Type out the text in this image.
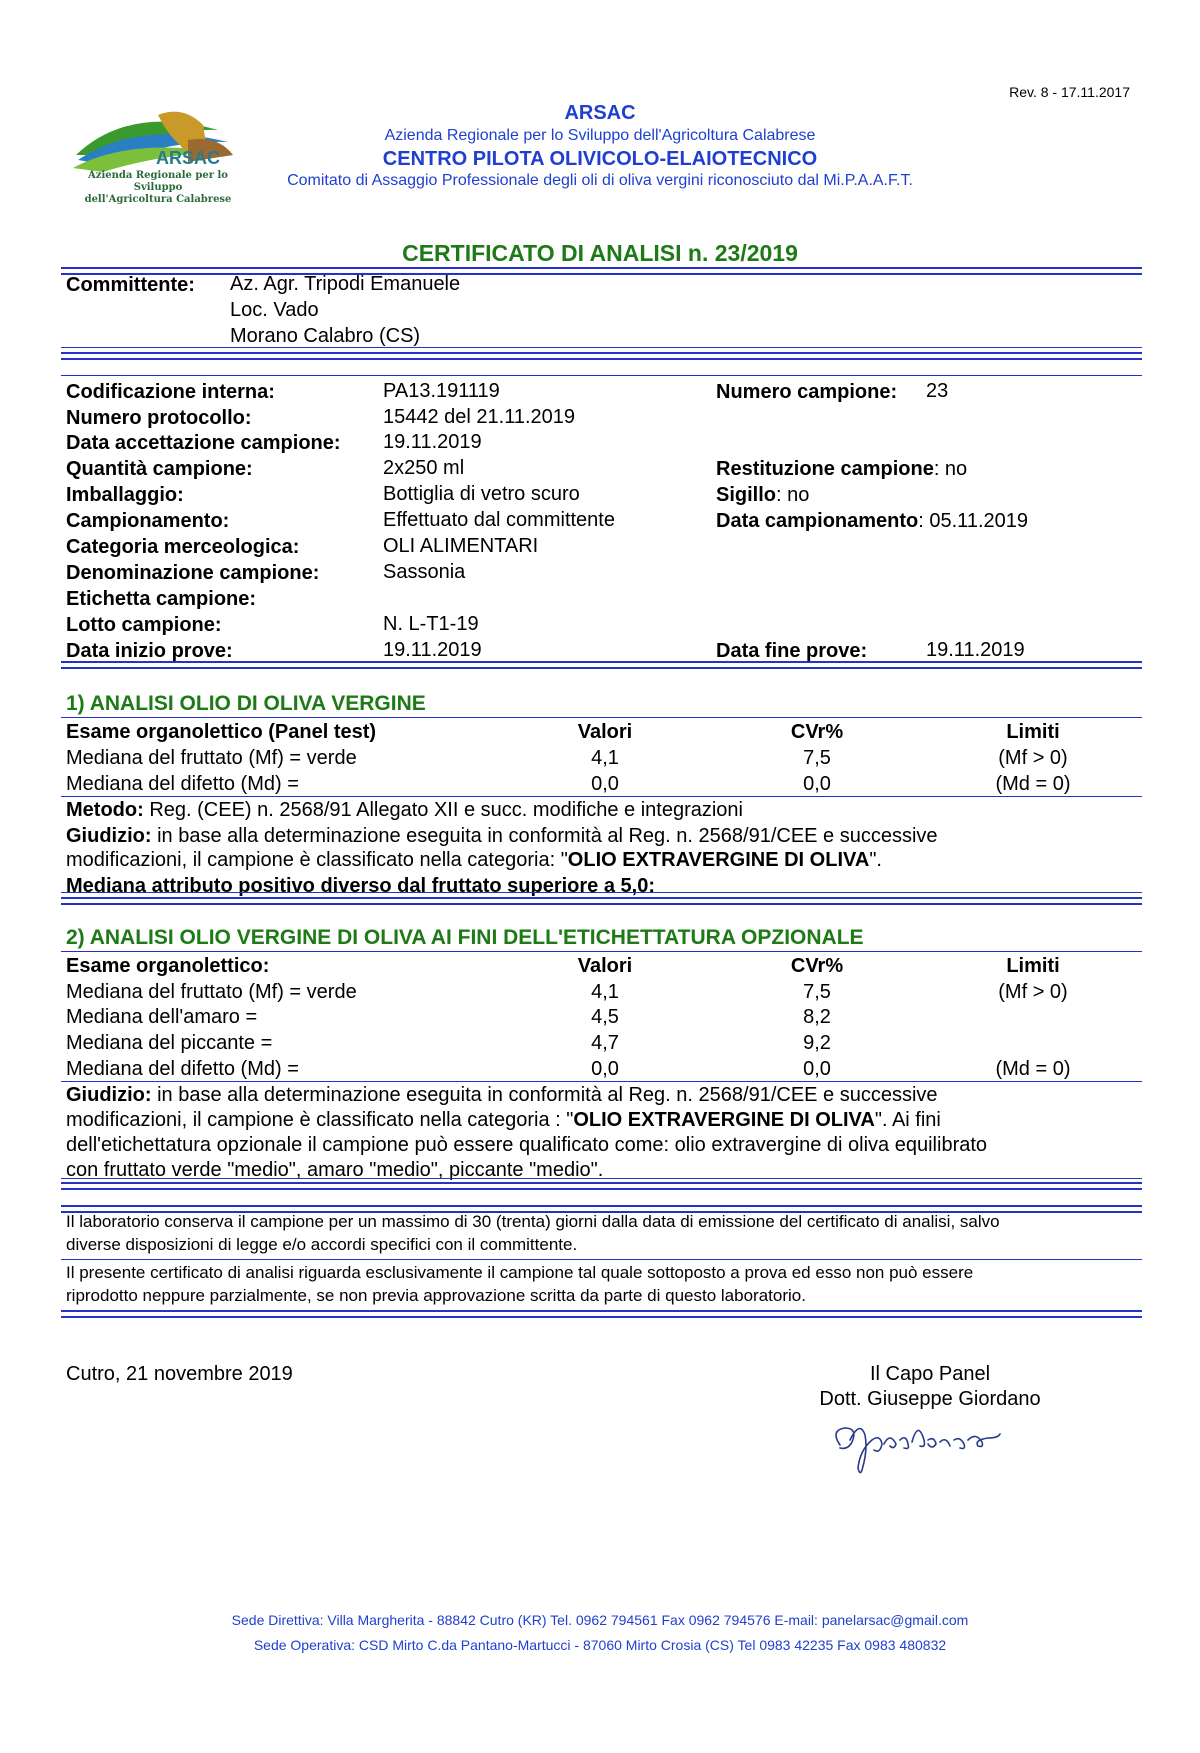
Rev. 8 - 17.11.2017
ARSAC
Azienda Regionale per lo Sviluppo
dell'Agricoltura Calabrese
ARSAC
Azienda Regionale per lo Sviluppo dell'Agricoltura Calabrese
CENTRO PILOTA OLIVICOLO-ELAIOTECNICO
Comitato di Assaggio Professionale degli oli di oliva vergini riconosciuto dal Mi.P.A.A.F.T.
CERTIFICATO DI ANALISI n. 23/2019
Committente: Az. Agr. Tripodi Emanuele
Loc. Vado
Morano Calabro (CS)
Codificazione interna:	PA13.191119	Numero campione: 23
Numero protocollo:	15442 del 21.11.2019
Data accettazione campione: 19.11.2019
Quantità campione:	2x250 ml	Restituzione campione: no
Imballaggio:	Bottiglia di vetro scuro	Sigillo: no
Campionamento:	Effettuato dal committente	Data campionamento: 05.11.2019
Categoria merceologica:	OLI ALIMENTARI
Denominazione campione:	Sassonia
Etichetta campione:
Lotto campione:	N. L-T1-19
Data inizio prove:	19.11.2019	Data fine prove:	19.11.2019
1) ANALISI OLIO DI OLIVA VERGINE
Esame organolettico (Panel test)	Valori	CVr%	Limiti
Mediana del fruttato (Mf) = verde	4,1	7,5	(Mf > 0)
Mediana del difetto (Md) =	0,0	0,0	(Md = 0)
Metodo: Reg. (CEE) n. 2568/91 Allegato XII e succ. modifiche e integrazioni
Giudizio: in base alla determinazione eseguita in conformità al Reg. n. 2568/91/CEE e successive
modificazioni, il campione è classificato nella categoria: "OLIO EXTRAVERGINE DI OLIVA".
Mediana attributo positivo diverso dal fruttato superiore a 5,0:
2) ANALISI OLIO VERGINE DI OLIVA AI FINI DELL'ETICHETTATURA OPZIONALE
Esame organolettico:	Valori	CVr%	Limiti
Mediana del fruttato (Mf) = verde	4,1	7,5	(Mf > 0)
Mediana dell'amaro =	4,5	8,2
Mediana del piccante =	4,7	9,2
Mediana del difetto (Md) =	0,0	0,0	(Md = 0)
Giudizio: in base alla determinazione eseguita in conformità al Reg. n. 2568/91/CEE e successive
modificazioni, il campione è classificato nella categoria : "OLIO EXTRAVERGINE DI OLIVA". Ai fini
dell'etichettatura opzionale il campione può essere qualificato come: olio extravergine di oliva equilibrato
con fruttato verde "medio", amaro "medio", piccante "medio".
Il laboratorio conserva il campione per un massimo di 30 (trenta) giorni dalla data di emissione del certificato di analisi, salvo
diverse disposizioni di legge e/o accordi specifici con il committente.
Il presente certificato di analisi riguarda esclusivamente il campione tal quale sottoposto a prova ed esso non può essere
riprodotto neppure parzialmente, se non previa approvazione scritta da parte di questo laboratorio.
Cutro, 21 novembre 2019	Il Capo Panel
Dott. Giuseppe Giordano
Sede Direttiva: Villa Margherita - 88842 Cutro (KR) Tel. 0962 794561 Fax 0962 794576 E-mail: panelarsac@gmail.com
Sede Operativa: CSD Mirto C.da Pantano-Martucci - 87060 Mirto Crosia (CS) Tel 0983 42235 Fax 0983 480832
